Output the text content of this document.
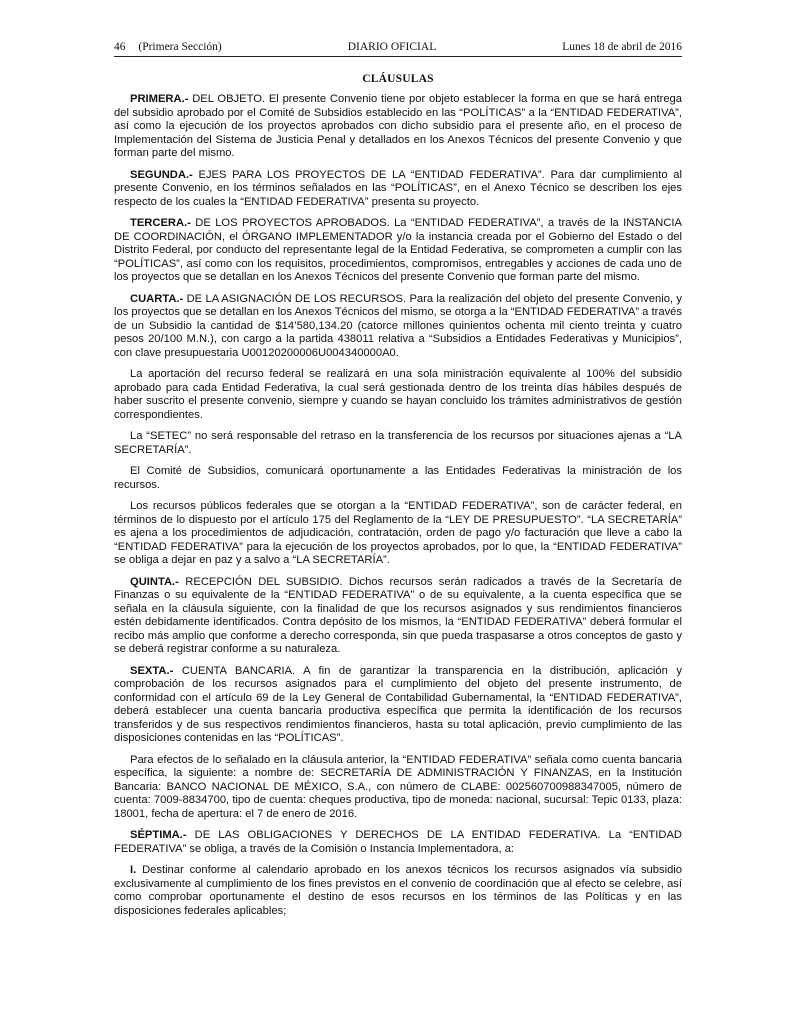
46 (Primera Sección)	DIARIO OFICIAL	Lunes 18 de abril de 2016
CLÁUSULAS

PRIMERA.- DEL OBJETO. El presente Convenio tiene por objeto establecer la forma en que se hará entrega del subsidio aprobado por el Comité de Subsidios establecido en las “POLÍTICAS” a la “ENTIDAD FEDERATIVA”, así como la ejecución de los proyectos aprobados con dicho subsidio para el presente año, en el proceso de Implementación del Sistema de Justicia Penal y detallados en los Anexos Técnicos del presente Convenio y que forman parte del mismo.

SEGUNDA.- EJES PARA LOS PROYECTOS DE LA “ENTIDAD FEDERATIVA”. Para dar cumplimiento al presente Convenio, en los términos señalados en las “POLÍTICAS”, en el Anexo Técnico se describen los ejes respecto de los cuales la “ENTIDAD FEDERATIVA” presenta su proyecto.

TERCERA.- DE LOS PROYECTOS APROBADOS. La “ENTIDAD FEDERATIVA”, a través de la INSTANCIA DE COORDINACIÓN, el ÓRGANO IMPLEMENTADOR y/o la instancia creada por el Gobierno del Estado o del Distrito Federal, por conducto del representante legal de la Entidad Federativa, se comprometen a cumplir con las “POLÍTICAS”, así como con los requisitos, procedimientos, compromisos, entregables y acciones de cada uno de los proyectos que se detallan en los Anexos Técnicos del presente Convenio que forman parte del mismo.

CUARTA.- DE LA ASIGNACIÓN DE LOS RECURSOS. Para la realización del objeto del presente Convenio, y los proyectos que se detallan en los Anexos Técnicos del mismo, se otorga a la “ENTIDAD FEDERATIVA” a través de un Subsidio la cantidad de $14’580,134.20 (catorce millones quinientos ochenta mil ciento treinta y cuatro pesos 20/100 M.N.), con cargo a la partida 438011 relativa a “Subsidios a Entidades Federativas y Municipios”, con clave presupuestaria U00120200006U004340000A0.

La aportación del recurso federal se realizará en una sola ministración equivalente al 100% del subsidio aprobado para cada Entidad Federativa, la cual será gestionada dentro de los treinta días hábiles después de haber suscrito el presente convenio, siempre y cuando se hayan concluido los trámites administrativos de gestión correspondientes.

La “SETEC” no será responsable del retraso en la transferencia de los recursos por situaciones ajenas a “LA SECRETARÍA”.

El Comité de Subsidios, comunicará oportunamente a las Entidades Federativas la ministración de los recursos.

Los recursos públicos federales que se otorgan a la “ENTIDAD FEDERATIVA”, son de carácter federal, en términos de lo dispuesto por el artículo 175 del Reglamento de la “LEY DE PRESUPUESTO”. “LA SECRETARÍA” es ajena a los procedimientos de adjudicación, contratación, orden de pago y/o facturación que lleve a cabo la “ENTIDAD FEDERATIVA” para la ejecución de los proyectos aprobados, por lo que, la “ENTIDAD FEDERATIVA” se obliga a dejar en paz y a salvo a “LA SECRETARÍA”.

QUINTA.- RECEPCIÓN DEL SUBSIDIO. Dichos recursos serán radicados a través de la Secretaría de Finanzas o su equivalente de la “ENTIDAD FEDERATIVA” o de su equivalente, a la cuenta específica que se señala en la cláusula siguiente, con la finalidad de que los recursos asignados y sus rendimientos financieros estén debidamente identificados. Contra depósito de los mismos, la “ENTIDAD FEDERATIVA” deberá formular el recibo más amplio que conforme a derecho corresponda, sin que pueda traspasarse a otros conceptos de gasto y se deberá registrar conforme a su naturaleza.

SEXTA.- CUENTA BANCARIA. A fin de garantizar la transparencia en la distribución, aplicación y comprobación de los recursos asignados para el cumplimiento del objeto del presente instrumento, de conformidad con el artículo 69 de la Ley General de Contabilidad Gubernamental, la “ENTIDAD FEDERATIVA”, deberá establecer una cuenta bancaria productiva específica que permita la identificación de los recursos transferidos y de sus respectivos rendimientos financieros, hasta su total aplicación, previo cumplimiento de las disposiciones contenidas en las “POLÍTICAS”.

Para efectos de lo señalado en la cláusula anterior, la “ENTIDAD FEDERATIVA” señala como cuenta bancaria específica, la siguiente: a nombre de: SECRETARÍA DE ADMINISTRACIÓN Y FINANZAS, en la Institución Bancaria: BANCO NACIONAL DE MÉXICO, S.A., con número de CLABE: 002560700988347005, número de cuenta: 7009-8834700, tipo de cuenta: cheques productiva, tipo de moneda: nacional, sucursal: Tepic 0133, plaza: 18001, fecha de apertura: el 7 de enero de 2016.

SÉPTIMA.- DE LAS OBLIGACIONES Y DERECHOS DE LA ENTIDAD FEDERATIVA. La “ENTIDAD FEDERATIVA” se obliga, a través de la Comisión o Instancia Implementadora, a:

I. Destinar conforme al calendario aprobado en los anexos técnicos los recursos asignados vía subsidio exclusivamente al cumplimiento de los fines previstos en el convenio de coordinación que al efecto se celebre, así como comprobar oportunamente el destino de esos recursos en los términos de las Políticas y en las disposiciones federales aplicables;
